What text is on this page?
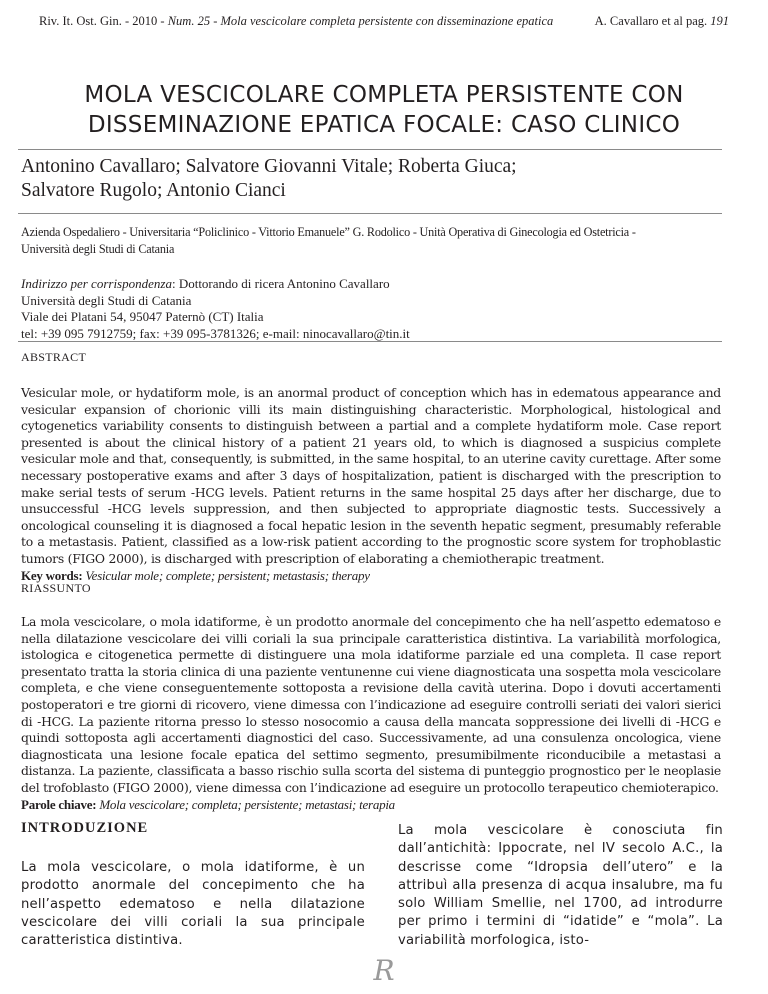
Riv. It. Ost. Gin. - 2010 - Num. 25 - Mola vescicolare completa persistente con disseminazione epatica	A. Cavallaro et al pag. 191
MOLA VESCICOLARE COMPLETA PERSISTENTE CON
DISSEMINAZIONE EPATICA FOCALE: CASO CLINICO
Antonino Cavallaro; Salvatore Giovanni Vitale; Roberta Giuca;
Salvatore Rugolo; Antonio Cianci
Azienda Ospedaliero - Universitaria “Policlinico - Vittorio Emanuele” G. Rodolico - Unità Operativa di Ginecologia ed Ostetricia -
Università degli Studi di Catania
Indirizzo per corrispondenza: Dottorando di ricera Antonino Cavallaro
Università degli Studi di Catania
Viale dei Platani 54, 95047 Paternò (CT) Italia
tel: +39 095 7912759; fax: +39 095-3781326; e-mail: ninocavallaro@tin.it
ABSTRACT

Vesicular mole, or hydatiform mole, is an anormal product of conception which has in edematous appearance and vesicular expansion of chorionic villi its main distinguishing characteristic. Morphological, histological and cytogenetics variability consents to distinguish between a partial and a complete hydatiform mole. Case report presented is about the clinical history of a patient 21 years old, to which is diagnosed a suspicius complete vesicular mole and that, consequently, is submitted, in the same hospital, to an uterine cavity curettage. After some necessary postoperative exams and after 3 days of hospitalization, patient is discharged with the prescription to make serial tests of serum -HCG levels. Patient returns in the same hospital 25 days after her discharge, due to unsuccessful -HCG levels suppression, and then subjected to appropriate diagnostic tests. Successively a oncological counseling it is diagnosed a focal hepatic lesion in the seventh hepatic segment, presumably referable to a metastasis. Patient, classified as a low-risk patient according to the prognostic score system for trophoblastic tumors (FIGO 2000), is discharged with prescription of elaborating a chemiotherapic treatment.

Key words: Vesicular mole; complete; persistent; metastasis; therapy
RIASSUNTO

La mola vescicolare, o mola idatiforme, è un prodotto anormale del concepimento che ha nell’aspetto edematoso e nella dilatazione vescicolare dei villi coriali la sua principale caratteristica distintiva. La variabilità morfologica, istologica e citogenetica permette di distinguere una mola idatiforme parziale ed una completa. Il case report presentato tratta la storia clinica di una paziente ventunenne cui viene diagnosticata una sospetta mola vescicolare completa, e che viene conseguentemente sottoposta a revisione della cavità uterina. Dopo i dovuti accertamenti postoperatori e tre giorni di ricovero, viene dimessa con l’indicazione ad eseguire controlli seriati dei valori sierici di -HCG. La paziente ritorna presso lo stesso nosocomio a causa della mancata soppressione dei livelli di -HCG e quindi sottoposta agli accertamenti diagnostici del caso. Successivamente, ad una consulenza oncologica, viene diagnosticata una lesione focale epatica del settimo segmento, presumibilmente riconducibile a metastasi a distanza. La paziente, classificata a basso rischio sulla scorta del sistema di punteggio prognostico per le neoplasie del trofoblasto (FIGO 2000), viene dimessa con l’indicazione ad eseguire un protocollo terapeutico chemioterapico.

Parole chiave: Mola vescicolare; completa; persistente; metastasi; terapia
INTRODUZIONE
La mola vescicolare, o mola idatiforme, è un prodotto anormale del concepimento che ha nell’aspetto edematoso e nella dilatazione vescicolare dei villi coriali la sua principale caratteristica distintiva.
La mola vescicolare è conosciuta fin dall’antichità: Ippocrate, nel IV secolo A.C., la descrisse come “Idropsia dell’utero” e la attribuì alla presenza di acqua insalubre, ma fu solo William Smellie, nel 1700, ad introdurre per primo i termini di “idatide” e “mola”. La variabilità morfologica, isto-
R
